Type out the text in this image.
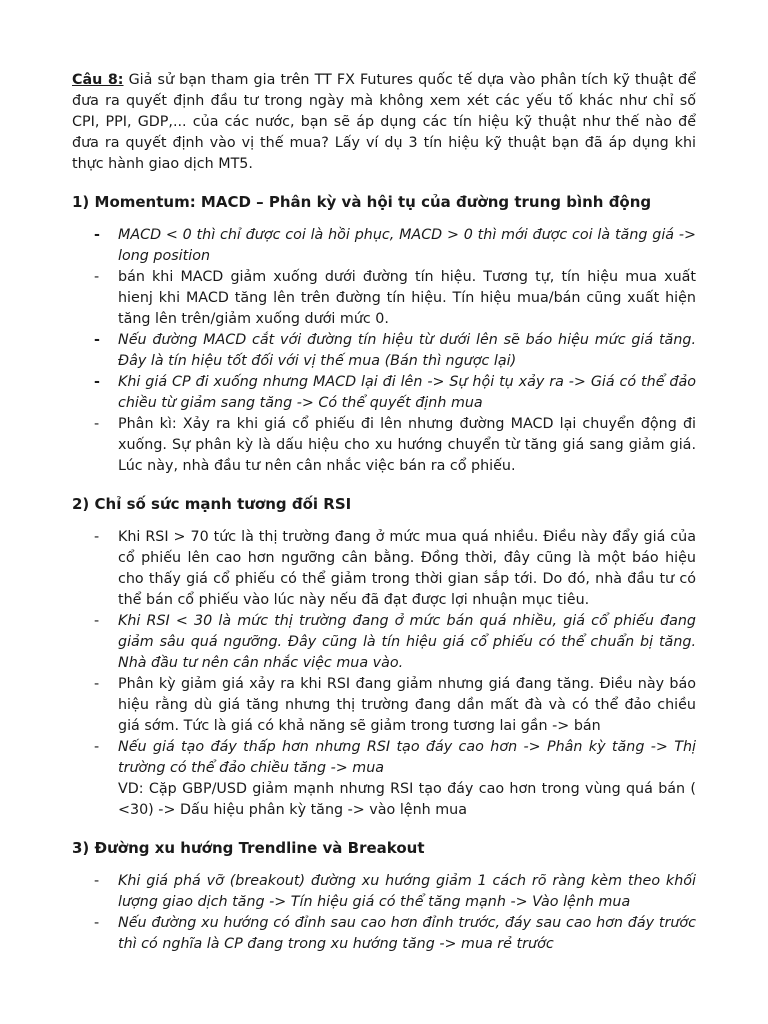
Câu 8: Giả sử bạn tham gia trên TT FX Futures quốc tế dựa vào phân tích kỹ thuật để đưa ra quyết định đầu tư trong ngày mà không xem xét các yếu tố khác như chỉ số CPI, PPI, GDP,... của các nước, bạn sẽ áp dụng các tín hiệu kỹ thuật như thế nào để đưa ra quyết định vào vị thế mua? Lấy ví dụ 3 tín hiệu kỹ thuật bạn đã áp dụng khi thực hành giao dịch MT5.

1) Momentum: MACD – Phân kỳ và hội tụ của đường trung bình động
- MACD < 0 thì chỉ được coi là hồi phục, MACD > 0 thì mới được coi là tăng giá -> long position
- bán khi MACD giảm xuống dưới đường tín hiệu. Tương tự, tín hiệu mua xuất hienj khi MACD tăng lên trên đường tín hiệu. Tín hiệu mua/bán cũng xuất hiện tăng lên trên/giảm xuống dưới mức 0.
- Nếu đường MACD cắt với đường tín hiệu từ dưới lên sẽ báo hiệu mức giá tăng. Đây là tín hiệu tốt đối với vị thế mua (Bán thì ngược lại)
- Khi giá CP đi xuống nhưng MACD lại đi lên -> Sự hội tụ xảy ra -> Giá có thể đảo chiều từ giảm sang tăng -> Có thể quyết định mua
- Phân kì: Xảy ra khi giá cổ phiếu đi lên nhưng đường MACD lại chuyển động đi xuống. Sự phân kỳ là dấu hiệu cho xu hướng chuyển từ tăng giá sang giảm giá. Lúc này, nhà đầu tư nên cân nhắc việc bán ra cổ phiếu.
2) Chỉ số sức mạnh tương đối RSI
- Khi RSI > 70 tức là thị trường đang ở mức mua quá nhiều. Điều này đẩy giá của cổ phiếu lên cao hơn ngưỡng cân bằng. Đồng thời, đây cũng là một báo hiệu cho thấy giá cổ phiếu có thể giảm trong thời gian sắp tới. Do đó, nhà đầu tư có thể bán cổ phiếu vào lúc này nếu đã đạt được lợi nhuận mục tiêu.
- Khi RSI < 30 là mức thị trường đang ở mức bán quá nhiều, giá cổ phiếu đang giảm sâu quá ngưỡng. Đây cũng là tín hiệu giá cổ phiếu có thể chuẩn bị tăng. Nhà đầu tư nên cân nhắc việc mua vào.
- Phân kỳ giảm giá xảy ra khi RSI đang giảm nhưng giá đang tăng. Điều này báo hiệu rằng dù giá tăng nhưng thị trường đang dần mất đà và có thể đảo chiều giá sớm. Tức là giá có khả năng sẽ giảm trong tương lai gần -> bán
- Nếu giá tạo đáy thấp hơn nhưng RSI tạo đáy cao hơn -> Phân kỳ tăng -> Thị trường có thể đảo chiều tăng -> mua
VD: Cặp GBP/USD giảm mạnh nhưng RSI tạo đáy cao hơn trong vùng quá bán ( <30) -> Dấu hiệu phân kỳ tăng -> vào lệnh mua
3) Đường xu hướng Trendline và Breakout
- Khi giá phá vỡ (breakout) đường xu hướng giảm 1 cách rõ ràng kèm theo khối lượng giao dịch tăng -> Tín hiệu giá có thể tăng mạnh -> Vào lệnh mua
- Nếu đường xu hướng có đỉnh sau cao hơn đỉnh trước, đáy sau cao hơn đáy trước thì có nghĩa là CP đang trong xu hướng tăng -> mua rẻ trước
